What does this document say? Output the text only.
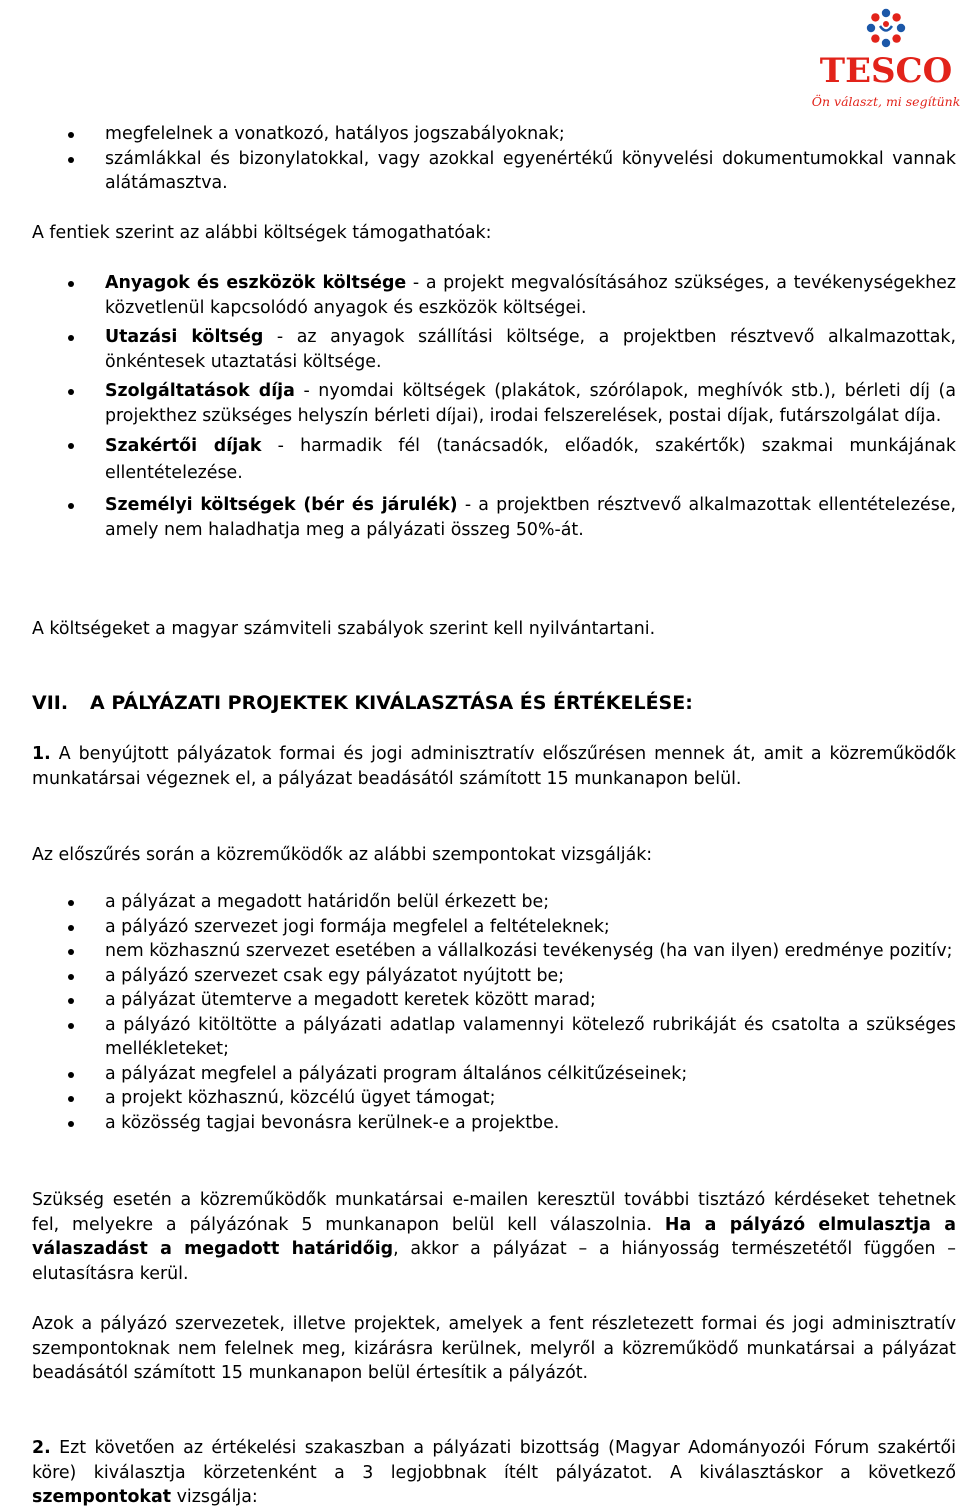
TESCO
Ön választ, mi segítünk
megfelelnek a vonatkozó, hatályos jogszabályoknak;
számlákkal és bizonylatokkal, vagy azokkal egyenértékű könyvelési dokumentumokkal vannak alátámasztva.
A fentiek szerint az alábbi költségek támogathatóak:
Anyagok és eszközök költsége - a projekt megvalósításához szükséges, a tevékenységekhez közvetlenül kapcsolódó anyagok és eszközök költségei.
Utazási költség - az anyagok szállítási költsége, a projektben résztvevő alkalmazottak, önkéntesek utaztatási költsége.
Szolgáltatások díja - nyomdai költségek (plakátok, szórólapok, meghívók stb.), bérleti díj (a projekthez szükséges helyszín bérleti díjai), irodai felszerelések, postai díjak, futárszolgálat díja.
Szakértői díjak - harmadik fél (tanácsadók, előadók, szakértők) szakmai munkájának ellentételezése.
Személyi költségek (bér és járulék) - a projektben résztvevő alkalmazottak ellentételezése, amely nem haladhatja meg a pályázati összeg 50%-át.
A költségeket a magyar számviteli szabályok szerint kell nyilvántartani.
VII. A PÁLYÁZATI PROJEKTEK KIVÁLASZTÁSA ÉS ÉRTÉKELÉSE:
1. A benyújtott pályázatok formai és jogi adminisztratív előszűrésen mennek át, amit a közreműködők munkatársai végeznek el, a pályázat beadásától számított 15 munkanapon belül.
Az előszűrés során a közreműködők az alábbi szempontokat vizsgálják:
a pályázat a megadott határidőn belül érkezett be;
a pályázó szervezet jogi formája megfelel a feltételeknek;
nem közhasznú szervezet esetében a vállalkozási tevékenység (ha van ilyen) eredménye pozitív;
a pályázó szervezet csak egy pályázatot nyújtott be;
a pályázat ütemterve a megadott keretek között marad;
a pályázó kitöltötte a pályázati adatlap valamennyi kötelező rubrikáját és csatolta a szükséges mellékleteket;
a pályázat megfelel a pályázati program általános célkitűzéseinek;
a projekt közhasznú, közcélú ügyet támogat;
a közösség tagjai bevonásra kerülnek-e a projektbe.
Szükség esetén a közreműködők munkatársai e-mailen keresztül további tisztázó kérdéseket tehetnek fel, melyekre a pályázónak 5 munkanapon belül kell válaszolnia. Ha a pályázó elmulasztja a válaszadást a megadott határidőig, akkor a pályázat – a hiányosság természetétől függően – elutasításra kerül.
Azok a pályázó szervezetek, illetve projektek, amelyek a fent részletezett formai és jogi adminisztratív szempontoknak nem felelnek meg, kizárásra kerülnek, melyről a közreműködő munkatársai a pályázat beadásától számított 15 munkanapon belül értesítik a pályázót.
2. Ezt követően az értékelési szakaszban a pályázati bizottság (Magyar Adományozói Fórum szakértői köre) kiválasztja körzetenként a 3 legjobbnak ítélt pályázatot. A kiválasztáskor a következő szempontokat vizsgálja:
